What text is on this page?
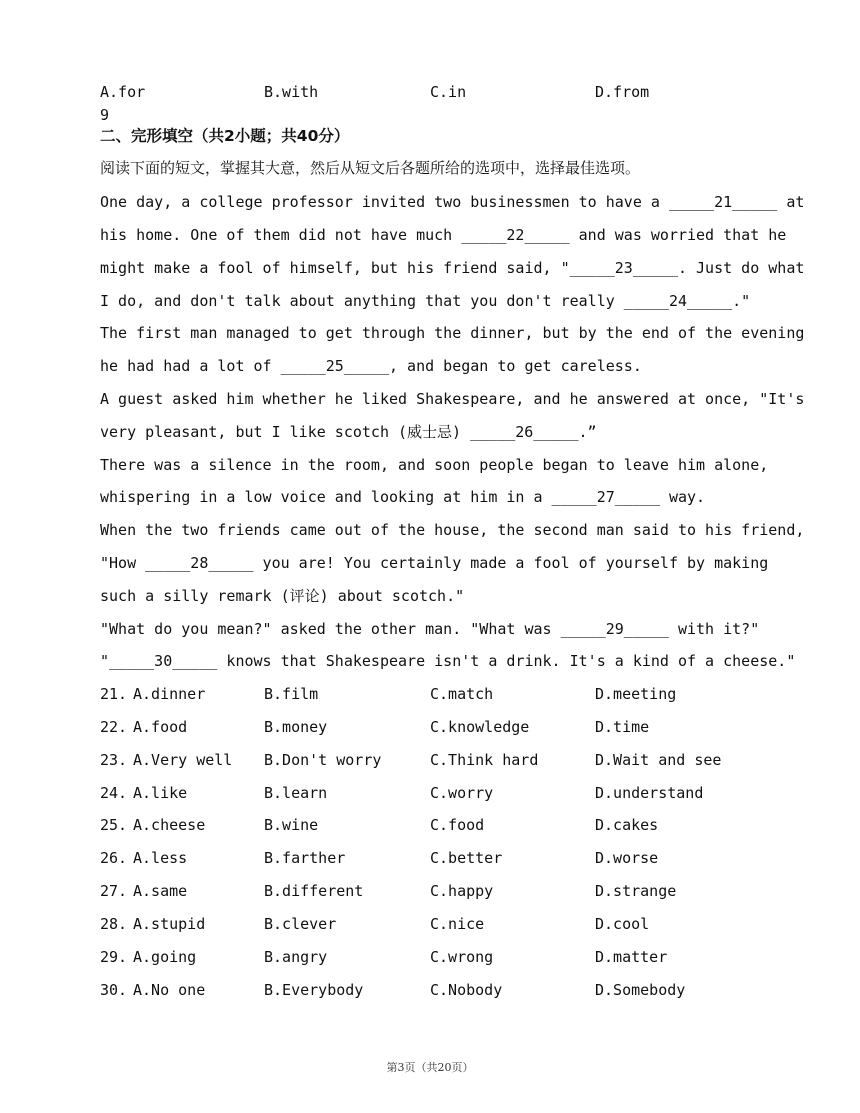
A.for	B.with	C.in	D.from
9
二、完形填空（共2小题；共40分）
阅读下面的短文，掌握其大意，然后从短文后各题所给的选项中，选择最佳选项。
One day, a college professor invited two businessmen to have a _____21_____ at
his home. One of them did not have much _____22_____ and was worried that he
might make a fool of himself, but his friend said, "_____23_____. Just do what
I do, and don't talk about anything that you don't really _____24_____."
The first man managed to get through the dinner, but by the end of the evening
he had had a lot of _____25_____, and began to get careless.
A guest asked him whether he liked Shakespeare, and he answered at once, "It's
very pleasant, but I like scotch (威士忌) _____26_____.”
There was a silence in the room, and soon people began to leave him alone,
whispering in a low voice and looking at him in a _____27_____ way.
When the two friends came out of the house, the second man said to his friend,
"How _____28_____ you are! You certainly made a fool of yourself by making
such a silly remark (评论) about scotch."
"What do you mean?" asked the other man. "What was _____29_____ with it?"
"_____30_____ knows that Shakespeare isn't a drink. It's a kind of a cheese."
21. A.dinner	B.film	C.match	D.meeting
22. A.food	B.money	C.knowledge	D.time
23. A.Very well B.Don't worry	C.Think hard	D.Wait and see
24. A.like	B.learn	C.worry	D.understand
25. A.cheese	B.wine	C.food	D.cakes
26. A.less	B.farther	C.better	D.worse
27. A.same	B.different	C.happy	D.strange
28. A.stupid	B.clever	C.nice	D.cool
29. A.going	B.angry	C.wrong	D.matter
30. A.No one	B.Everybody	C.Nobody	D.Somebody
第3页（共20页）
